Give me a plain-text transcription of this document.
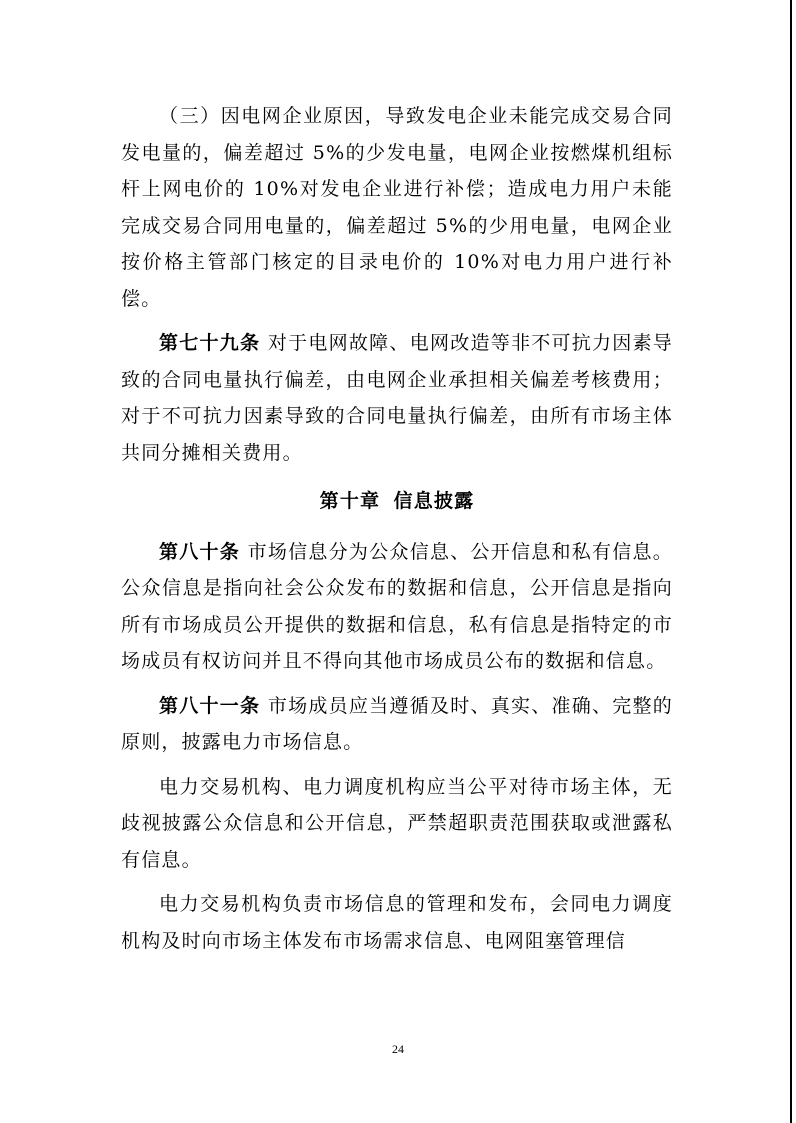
（三）因电网企业原因，导致发电企业未能完成交易合同发电量的，偏差超过 5%的少发电量，电网企业按燃煤机组标杆上网电价的 10%对发电企业进行补偿；造成电力用户未能完成交易合同用电量的，偏差超过 5%的少用电量，电网企业按价格主管部门核定的目录电价的 10%对电力用户进行补偿。

第七十九条 对于电网故障、电网改造等非不可抗力因素导致的合同电量执行偏差，由电网企业承担相关偏差考核费用；对于不可抗力因素导致的合同电量执行偏差，由所有市场主体共同分摊相关费用。

第十章 信息披露

第八十条 市场信息分为公众信息、公开信息和私有信息。公众信息是指向社会公众发布的数据和信息，公开信息是指向所有市场成员公开提供的数据和信息，私有信息是指特定的市场成员有权访问并且不得向其他市场成员公布的数据和信息。

第八十一条 市场成员应当遵循及时、真实、准确、完整的原则，披露电力市场信息。

电力交易机构、电力调度机构应当公平对待市场主体，无歧视披露公众信息和公开信息，严禁超职责范围获取或泄露私有信息。

电力交易机构负责市场信息的管理和发布，会同电力调度机构及时向市场主体发布市场需求信息、电网阻塞管理信

24
